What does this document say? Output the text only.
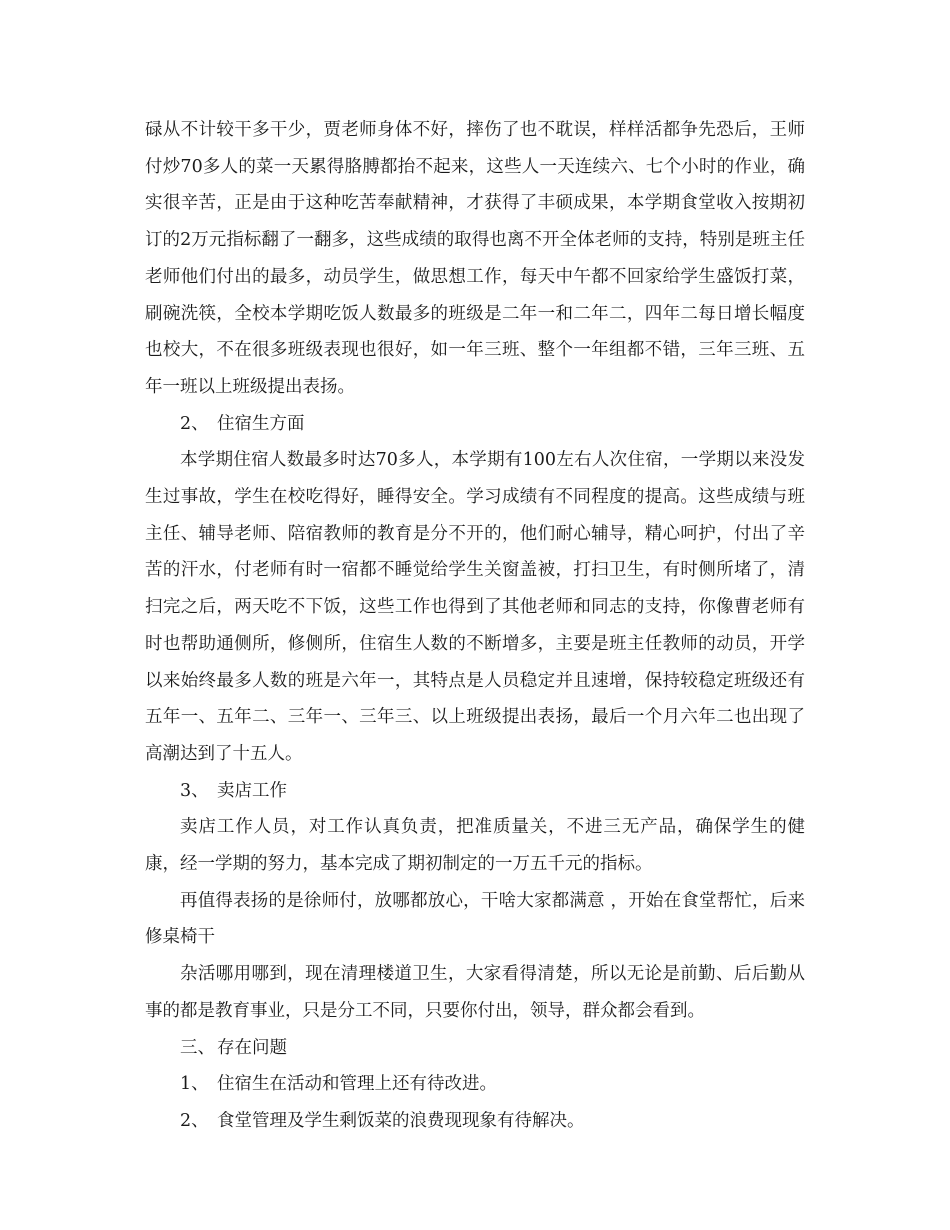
碌从不计较干多干少，贾老师身体不好，摔伤了也不耽误，样样活都争先恐后，王师付炒70多人的菜一天累得胳膊都抬不起来，这些人一天连续六、七个小时的作业，确实很辛苦，正是由于这种吃苦奉献精神，才获得了丰硕成果，本学期食堂收入按期初订的2万元指标翻了一翻多，这些成绩的取得也离不开全体老师的支持，特别是班主任老师他们付出的最多，动员学生，做思想工作，每天中午都不回家给学生盛饭打菜，刷碗洗筷，全校本学期吃饭人数最多的班级是二年一和二年二，四年二每日增长幅度也校大，不在很多班级表现也很好，如一年三班、整个一年组都不错，三年三班、五年一班以上班级提出表扬。

2、 住宿生方面

本学期住宿人数最多时达70多人，本学期有100左右人次住宿，一学期以来没发生过事故，学生在校吃得好，睡得安全。学习成绩有不同程度的提高。这些成绩与班主任、辅导老师、陪宿教师的教育是分不开的，他们耐心辅导，精心呵护，付出了辛苦的汗水，付老师有时一宿都不睡觉给学生关窗盖被，打扫卫生，有时侧所堵了，清扫完之后，两天吃不下饭，这些工作也得到了其他老师和同志的支持，你像曹老师有时也帮助通侧所，修侧所，住宿生人数的不断增多，主要是班主任教师的动员，开学以来始终最多人数的班是六年一，其特点是人员稳定并且速增，保持较稳定班级还有五年一、五年二、三年一、三年三、以上班级提出表扬，最后一个月六年二也出现了高潮达到了十五人。

3、 卖店工作

卖店工作人员，对工作认真负责，把准质量关，不进三无产品，确保学生的健康，经一学期的努力，基本完成了期初制定的一万五千元的指标。

再值得表扬的是徐师付，放哪都放心，干啥大家都满意 ，开始在食堂帮忙，后来修桌椅干

杂活哪用哪到，现在清理楼道卫生，大家看得清楚，所以无论是前勤、后后勤从事的都是教育事业，只是分工不同，只要你付出，领导，群众都会看到。

三、 存在问题

1、 住宿生在活动和管理上还有待改进。

2、 食堂管理及学生剩饭菜的浪费现现象有待解决。
